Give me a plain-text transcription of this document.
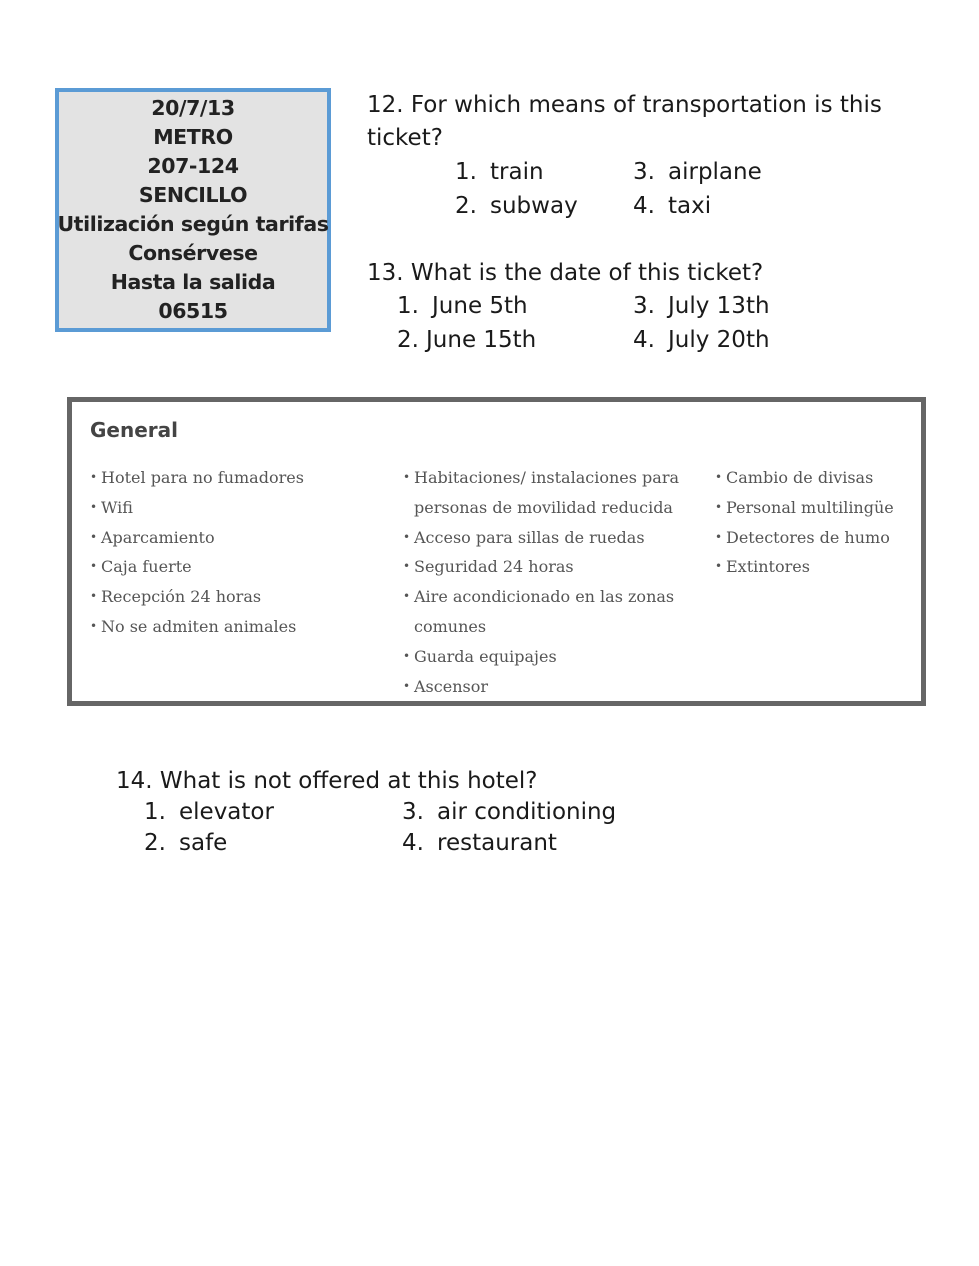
20/7/13
METRO
207-124
SENCILLO
Utilización según tarifas
Consérvese
Hasta la salida
06515
12. For which means of transportation is this
ticket?
1. train
2. subway
3. airplane
4. taxi
13. What is the date of this ticket?
1. June 5th
2. June 15th
3. July 13th
4. July 20th
General
• Hotel para no fumadores
• Wifi
• Aparcamiento
• Caja fuerte
• Recepción 24 horas
• No se admiten animales
• Habitaciones/ instalaciones para
personas de movilidad reducida
• Acceso para sillas de ruedas
• Seguridad 24 horas
• Aire acondicionado en las zonas
comunes
• Guarda equipajes
• Ascensor
• Cambio de divisas
• Personal multilingüe
• Detectores de humo
• Extintores
14. What is not offered at this hotel?
1. elevator
2. safe
3. air conditioning
4. restaurant
